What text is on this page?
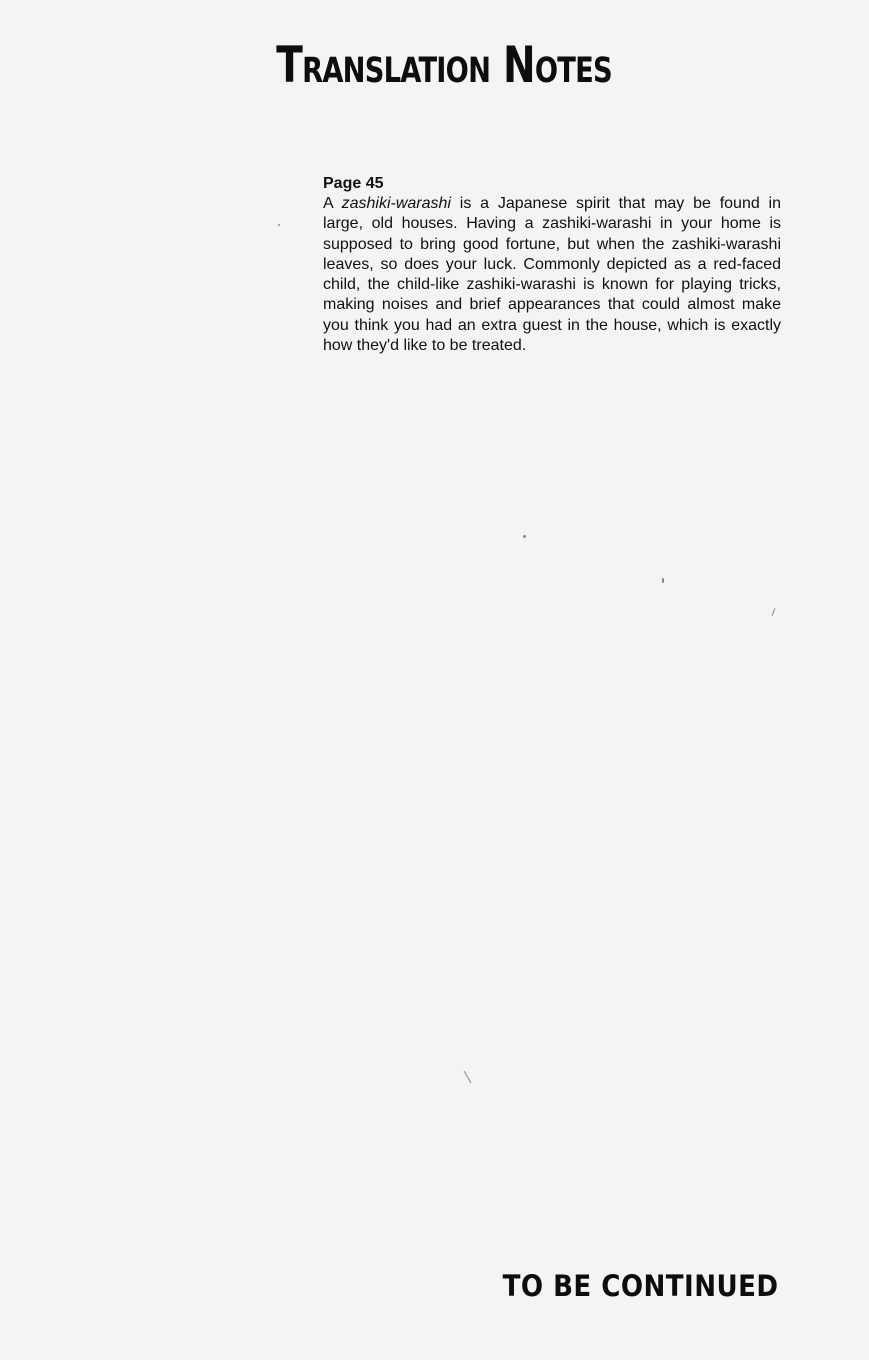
Translation Notes

Page 45

A zashiki-warashi is a Japanese spirit that may be found in large, old houses. Having a zashiki-warashi in your home is supposed to bring good fortune, but when the zashiki-warashi leaves, so does your luck. Commonly depicted as a red-faced child, the child-like zashiki-warashi is known for playing tricks, making noises and brief appearances that could almost make you think you had an extra guest in the house, which is exactly how they'd like to be treated.

TO BE CONTINUED
